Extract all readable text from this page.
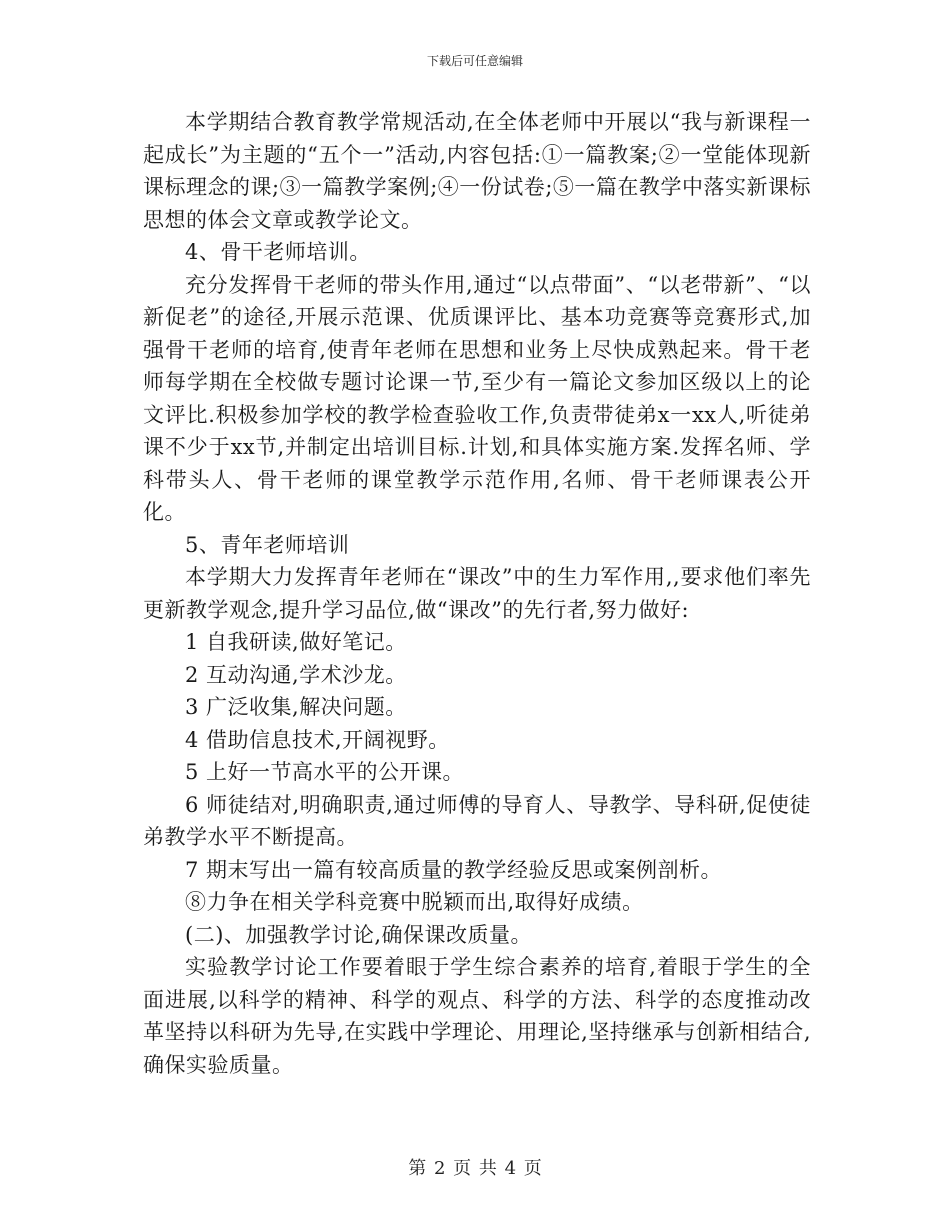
下载后可任意编辑

本学期结合教育教学常规活动,在全体老师中开展以“我与新课程一起成长”为主题的“五个一”活动,内容包括:①一篇教案;②一堂能体现新课标理念的课;③一篇教学案例;④一份试卷;⑤一篇在教学中落实新课标思想的体会文章或教学论文。

4、骨干老师培训。

充分发挥骨干老师的带头作用,通过“以点带面”、“以老带新”、“以新促老”的途径,开展示范课、优质课评比、基本功竞赛等竞赛形式,加强骨干老师的培育,使青年老师在思想和业务上尽快成熟起来。骨干老师每学期在全校做专题讨论课一节,至少有一篇论文参加区级以上的论文评比.积极参加学校的教学检查验收工作,负责带徒弟x一xx人,听徒弟课不少于xx节,并制定出培训目标.计划,和具体实施方案.发挥名师、学科带头人、骨干老师的课堂教学示范作用,名师、骨干老师课表公开化。

5、青年老师培训

本学期大力发挥青年老师在“课改”中的生力军作用,,要求他们率先更新教学观念,提升学习品位,做“课改”的先行者,努力做好:

1 自我研读,做好笔记。

2 互动沟通,学术沙龙。

3 广泛收集,解决问题。

4 借助信息技术,开阔视野。

5 上好一节高水平的公开课。

6 师徒结对,明确职责,通过师傅的导育人、导教学、导科研,促使徒弟教学水平不断提高。

7 期末写出一篇有较高质量的教学经验反思或案例剖析。

⑧力争在相关学科竞赛中脱颖而出,取得好成绩。

(二)、加强教学讨论,确保课改质量。

实验教学讨论工作要着眼于学生综合素养的培育,着眼于学生的全面进展,以科学的精神、科学的观点、科学的方法、科学的态度推动改革坚持以科研为先导,在实践中学理论、用理论,坚持继承与创新相结合,确保实验质量。

第 2 页 共 4 页
